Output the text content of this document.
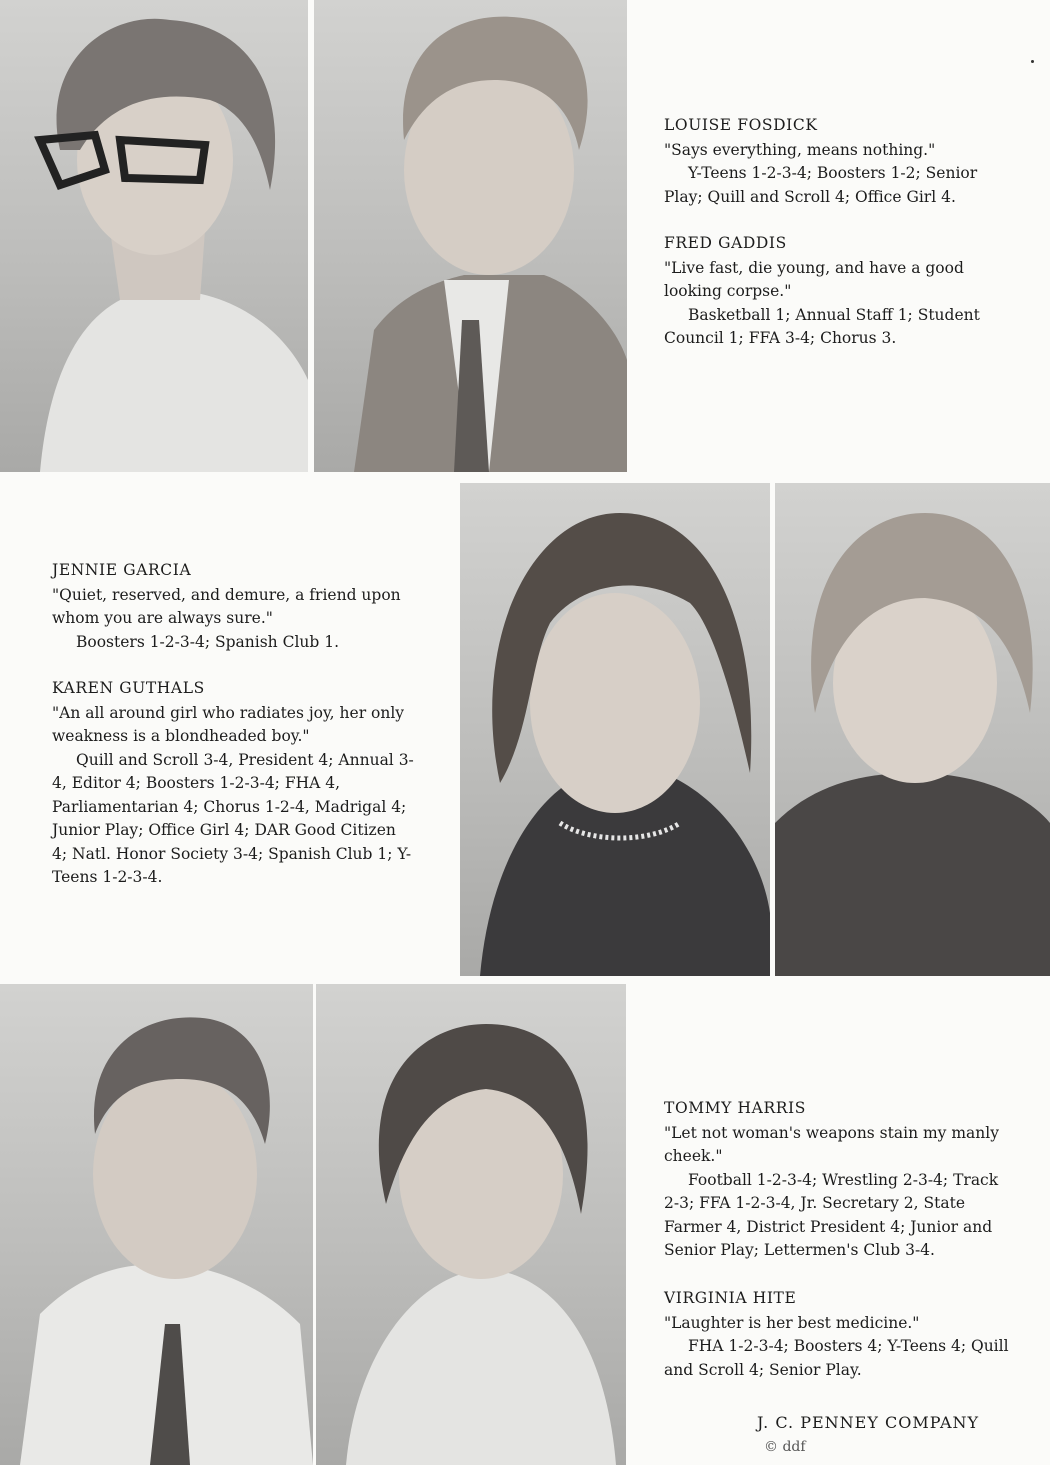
LOUISE FOSDICK

"Says everything, means nothing."

Y-Teens 1-2-3-4; Boosters 1-2; Senior Play; Quill and Scroll 4; Office Girl 4.

FRED GADDIS

"Live fast, die young, and have a good looking corpse."

Basketball 1; Annual Staff 1; Student Council 1; FFA 3-4; Chorus 3.

JENNIE GARCIA

"Quiet, reserved, and demure, a friend upon whom you are always sure."

Boosters 1-2-3-4; Spanish Club 1.

KAREN GUTHALS

"An all around girl who radiates joy, her only weakness is a blondheaded boy."

Quill and Scroll 3-4, President 4; Annual 3-4, Editor 4; Boosters 1-2-3-4; FHA 4, Parliamentarian 4; Chorus 1-2-4, Madrigal 4; Junior Play; Office Girl 4; DAR Good Citizen 4; Natl. Honor Society 3-4; Spanish Club 1; Y-Teens 1-2-3-4.

TOMMY HARRIS

"Let not woman's weapons stain my manly cheek."

Football 1-2-3-4; Wrestling 2-3-4; Track 2-3; FFA 1-2-3-4, Jr. Secretary 2, State Farmer 4, District President 4; Junior and Senior Play; Lettermen's Club 3-4.

VIRGINIA HITE

"Laughter is her best medicine."

FHA 1-2-3-4; Boosters 4; Y-Teens 4; Quill and Scroll 4; Senior Play.

J. C. PENNEY COMPANY
© ddf
